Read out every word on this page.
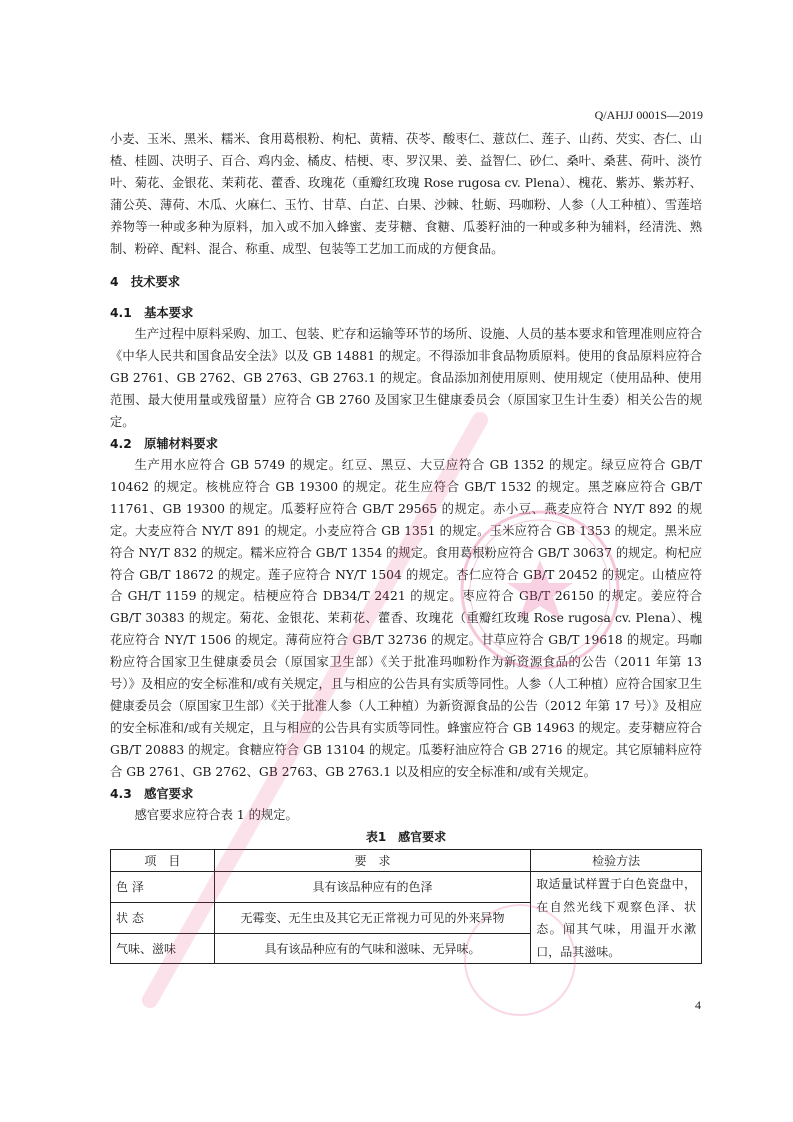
Q/AHJJ 0001S—2019

小麦、玉米、黑米、糯米、食用葛根粉、枸杞、黄精、茯苓、酸枣仁、薏苡仁、莲子、山药、芡实、杏仁、山楂、桂圆、决明子、百合、鸡内金、橘皮、桔梗、枣、罗汉果、姜、益智仁、砂仁、桑叶、桑葚、荷叶、淡竹叶、菊花、金银花、茉莉花、藿香、玫瑰花（重瓣红玫瑰 Rose rugosa cv. Plena）、槐花、紫苏、紫苏籽、蒲公英、薄荷、木瓜、火麻仁、玉竹、甘草、白芷、白果、沙棘、牡蛎、玛咖粉、人参（人工种植）、雪莲培养物等一种或多种为原料，加入或不加入蜂蜜、麦芽糖、食糖、瓜蒌籽油的一种或多种为辅料，经清洗、熟制、粉碎、配料、混合、称重、成型、包装等工艺加工而成的方便食品。

4　技术要求
4.1　基本要求

生产过程中原料采购、加工、包装、贮存和运输等环节的场所、设施、人员的基本要求和管理准则应符合《中华人民共和国食品安全法》以及 GB 14881 的规定。不得添加非食品物质原料。使用的食品原料应符合 GB 2761、GB 2762、GB 2763、GB 2763.1 的规定。食品添加剂使用原则、使用规定（使用品种、使用范围、最大使用量或残留量）应符合 GB 2760 及国家卫生健康委员会（原国家卫生计生委）相关公告的规定。

4.2　原辅材料要求

生产用水应符合 GB 5749 的规定。红豆、黑豆、大豆应符合 GB 1352 的规定。绿豆应符合 GB/T 10462 的规定。核桃应符合 GB 19300 的规定。花生应符合 GB/T 1532 的规定。黑芝麻应符合 GB/T 11761、GB 19300 的规定。瓜蒌籽应符合 GB/T 29565 的规定。赤小豆、燕麦应符合 NY/T 892 的规定。大麦应符合 NY/T 891 的规定。小麦应符合 GB 1351 的规定。玉米应符合 GB 1353 的规定。黑米应符合 NY/T 832 的规定。糯米应符合 GB/T 1354 的规定。食用葛根粉应符合 GB/T 30637 的规定。枸杞应符合 GB/T 18672 的规定。莲子应符合 NY/T 1504 的规定。杏仁应符合 GB/T 20452 的规定。山楂应符合 GH/T 1159 的规定。桔梗应符合 DB34/T 2421 的规定。枣应符合 GB/T 26150 的规定。姜应符合 GB/T 30383 的规定。菊花、金银花、茉莉花、藿香、玫瑰花（重瓣红玫瑰 Rose rugosa cv. Plena）、槐花应符合 NY/T 1506 的规定。薄荷应符合 GB/T 32736 的规定。甘草应符合 GB/T 19618 的规定。玛咖粉应符合国家卫生健康委员会（原国家卫生部）《关于批准玛咖粉作为新资源食品的公告（2011 年第 13 号）》及相应的安全标准和/或有关规定，且与相应的公告具有实质等同性。人参（人工种植）应符合国家卫生健康委员会（原国家卫生部）《关于批准人参（人工种植）为新资源食品的公告（2012 年第 17 号）》及相应的安全标准和/或有关规定，且与相应的公告具有实质等同性。蜂蜜应符合 GB 14963 的规定。麦芽糖应符合 GB/T 20883 的规定。食糖应符合 GB 13104 的规定。瓜蒌籽油应符合 GB 2716 的规定。其它原辅料应符合 GB 2761、GB 2762、GB 2763、GB 2763.1 以及相应的安全标准和/或有关规定。

4.3　感官要求

感官要求应符合表 1 的规定。

表1　感官要求
项　目	要　求	检验方法
色 泽	具有该品种应有的色泽	取适量试样置于白色瓷盘中，在自然光线下观察色泽、状态。闻其气味，用温开水漱口，品其滋味。
状 态	无霉变、无生虫及其它无正常视力可见的外来异物	
气味、滋味	具有该品种应有的气味和滋味、无异味。	
4
